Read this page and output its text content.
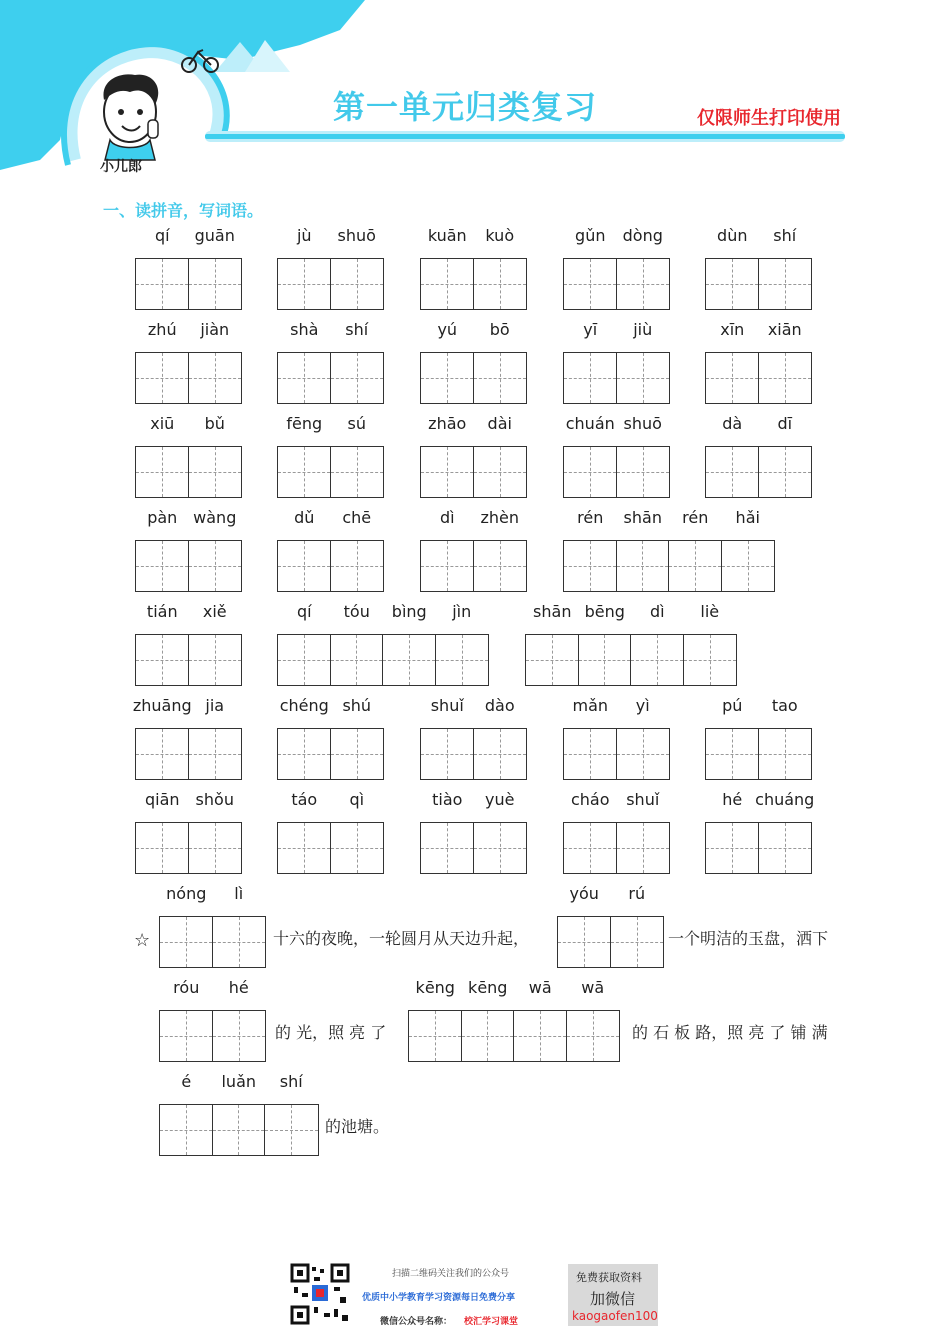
第一单元归类复习	仅限师生打印使用
小儿郎
一、读拼音，写词语。
qí guān	jù shuō	kuān kuò	gǔn dòng	dùn shí
zhú jiàn	shà shí	yú bō	yī jiù	xīn xiān
xiū bǔ	fēng sú	zhāo dài	chuán shuō	dà dī
pàn wàng	dǔ chē	dì zhèn	rén shān rén hǎi
tián xiě	qí tóu bìng jìn	shān bēng dì liè
zhuāng jia	chéng shú	shuǐ dào	mǎn yì	pú tao
qiān shǒu	táo qì	tiào yuè	cháo shuǐ	hé chuáng
☆	十六的夜晚，一轮圆月从天边升起，	一个明洁的玉盘，洒下
的 光，照 亮 了	的 石 板 路，照 亮 了 铺 满
的池塘。
nóng lì	yóu rú
róu hé	kēng kēng wā wā
é luǎn shí
扫描二维码关注我们的公众号
优质中小学教育学习资源每日免费分享
微信公众号名称： 校汇学习课堂
免费获取资料
加微信
kaogaofen100
